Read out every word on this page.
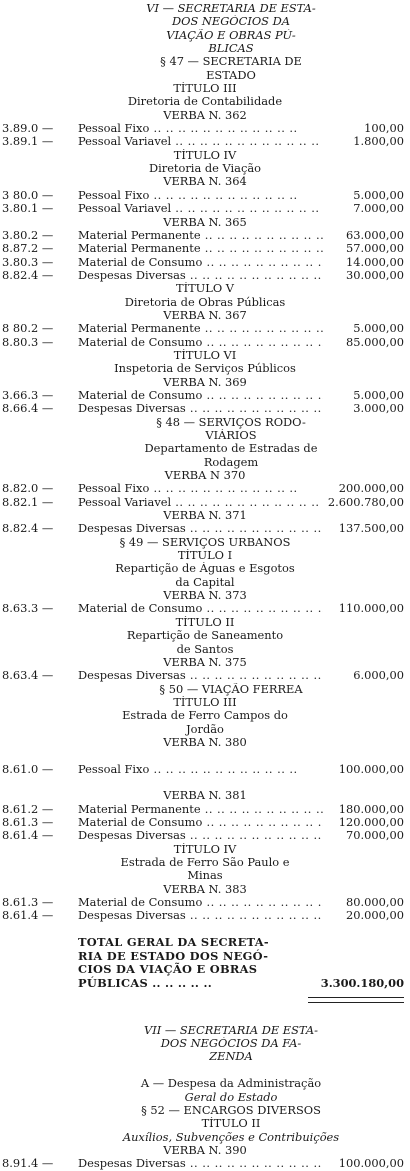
VI — SECRETARIA DE ESTA-
DOS NEGÓCIOS DA
VIAÇÃO E OBRAS PÚ-
BLICAS
§ 47 — SECRETARIA DE
ESTADO
TÍTULO III
Diretoria de Contabilidade
VERBA N. 362
3.89.0 — Pessoal Fixo .. ..	100,00
3.89.1 — Pessoal Variavel .. ..	1.800,00
TÍTULO IV
Diretoria de Viação
VERBA N. 364
3 80.0 — Pessoal Fixo .. ..	5.000,00
3.80.1 — Pessoal Variavel .. ..	7.000,00
VERBA N. 365
3.80.2 — Material Permanente .. ..	63.000,00
8.87.2 — Material Permanente .. ..	57.000,00
3.80.3 — Material de Consumo .. ..	14.000,00
8.82.4 — Despesas Diversas .. ..	30.000,00
TÍTULO V
Diretoria de Obras Públicas
VERBA N. 367
8 80.2 — Material Permanente .. ..	5.000,00
8.80.3 — Material de Consumo .. ..	85.000,00
TÍTULO VI
Inspetoria de Serviços Públicos
VERBA N. 369
3.66.3 — Material de Consumo .. ..	5.000,00
8.66.4 — Despesas Diversas .. ..	3.000,00
§ 48 — SERVIÇOS RODO-
VIÁRIOS
Departamento de Estradas de
Rodagem
VERBA N 370
8.82.0 — Pessoal Fixo .. ..	200.000,00
8.82.1 — Pessoal Variavel .. ..	2.600.780,00
VERBA N. 371
8.82.4 — Despesas Diversas .. ..	137.500,00
§ 49 — SERVIÇOS URBANOS
TÍTULO I
Repartição de Águas e Esgotos
da Capital
VERBA N. 373
8.63.3 — Material de Consumo .. ..	110.000,00
TÍTULO II
Repartição de Saneamento
de Santos
VERBA N. 375
8.63.4 — Despesas Diversas .. ..	6.000,00
§ 50 — VIAÇÃO FERREA
TÍTULO III
Estrada de Ferro Campos do
Jordão
VERBA N. 380
8.61.0 — Pessoal Fixo .. ..	100.000,00
VERBA N. 381
8.61.2 — Material Permanente .. ..	180.000,00
8.61.3 — Material de Consumo .. ..	120.000,00
8.61.4 — Despesas Diversas .. ..	70.000,00
TÍTULO IV
Estrada de Ferro São Paulo e
Minas
VERBA N. 383
8.61.3 — Material de Consumo .. ..	80.000,00
8.61.4 — Despesas Diversas .. ..	20.000,00
TOTAL GERAL DA SECRETA-
RIA DE ESTADO DOS NEGÓ-
CIOS DA VIAÇÃO E OBRAS
PÚBLICAS .. .. .. .. ..	3.300.180,00
VII — SECRETARIA DE ESTA-
DOS NEGÓCIOS DA FA-
ZENDA
A — Despesa da Administração
Geral do Estado
§ 52 — ENCARGOS DIVERSOS
TÍTULO II
Auxílios, Subvenções e Contribuições
VERBA N. 390
8.91.4 — Despesas Diversas .. ..	100.000,00
